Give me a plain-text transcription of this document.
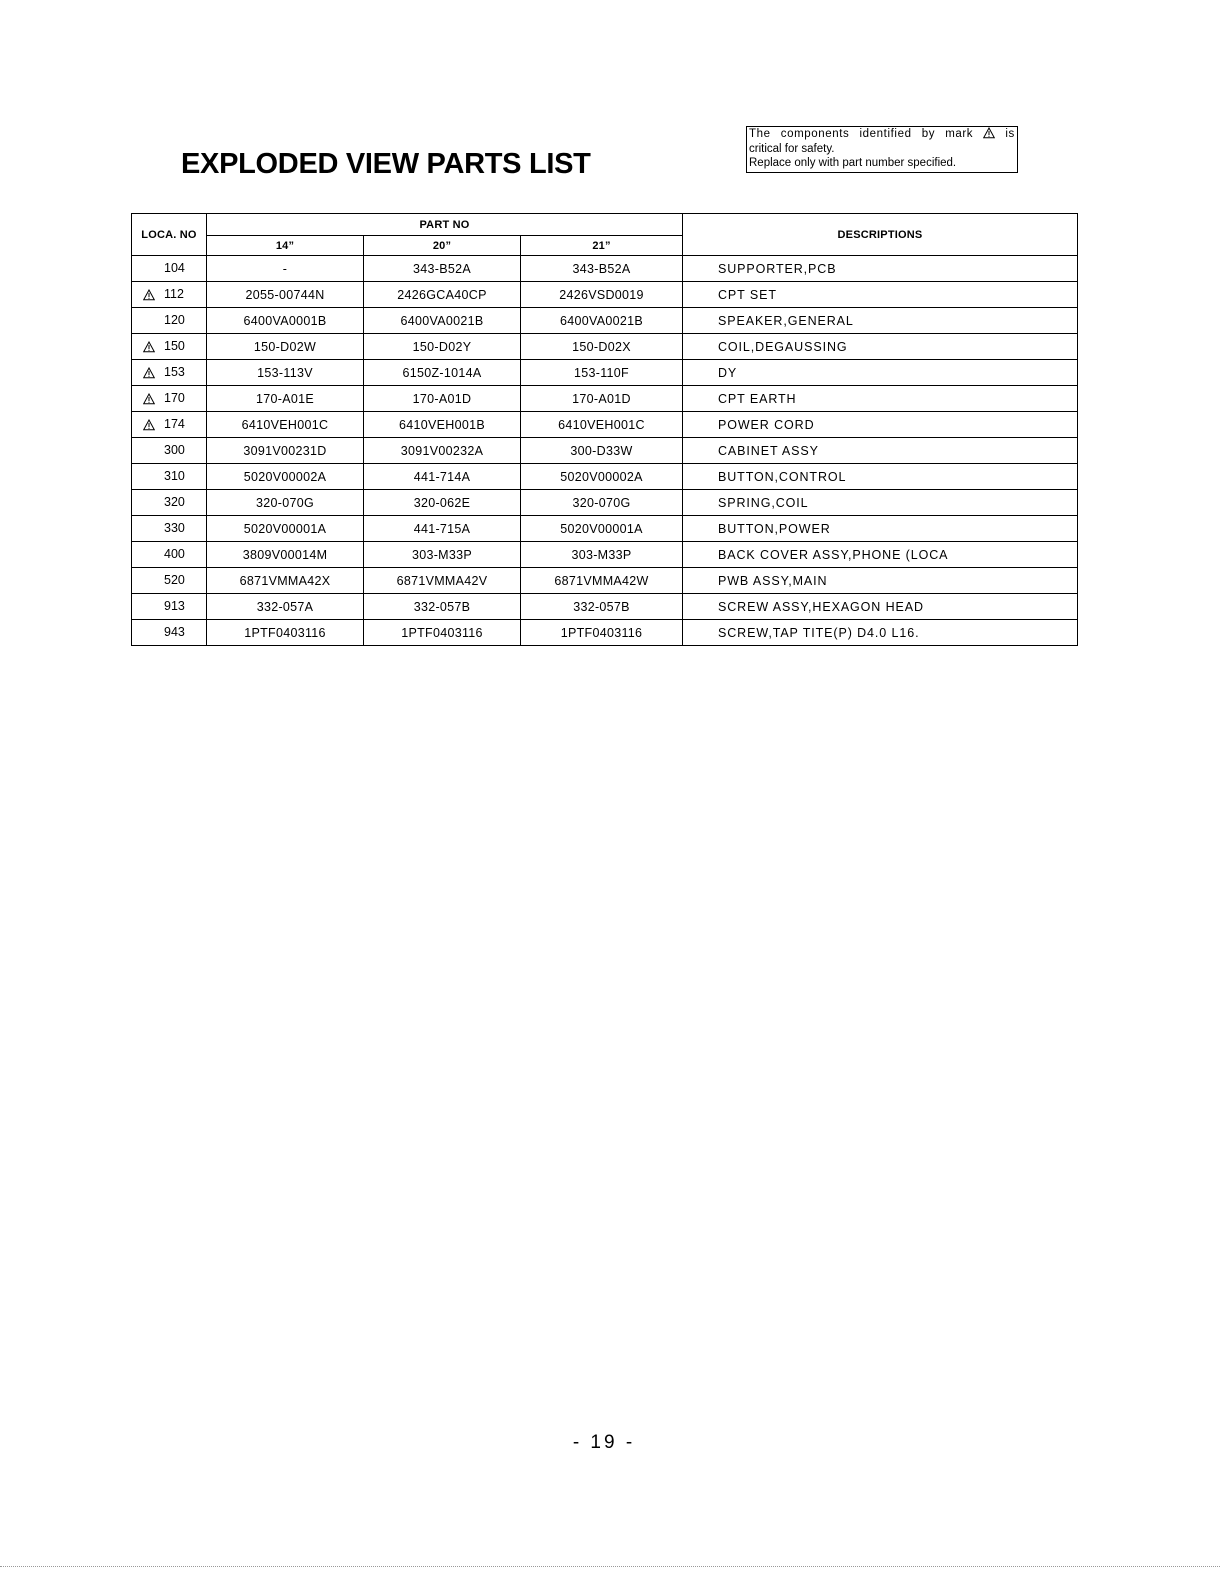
EXPLODED VIEW PARTS LIST
The components identified by mark	is
critical for safety.
Replace only with part number specified.
LOCA. NO	PART NO			DESCRIPTIONS
	14”	20”	21”	

104	-	343-B52A	343-B52A	SUPPORTER,PCB

112	2055-00744N	2426GCA40CP	2426VSD0019	CPT SET

120	6400VA0001B	6400VA0021B	6400VA0021B	SPEAKER,GENERAL

150	150-D02W	150-D02Y	150-D02X	COIL,DEGAUSSING

153	153-113V	6150Z-1014A	153-110F	DY

170	170-A01E	170-A01D	170-A01D	CPT EARTH

174	6410VEH001C	6410VEH001B	6410VEH001C	POWER CORD

300	3091V00231D	3091V00232A	300-D33W	CABINET ASSY

310	5020V00002A	441-714A	5020V00002A	BUTTON,CONTROL

320	320-070G	320-062E	320-070G	SPRING,COIL

330	5020V00001A	441-715A	5020V00001A	BUTTON,POWER

400	3809V00014M	303-M33P	303-M33P	BACK COVER ASSY,PHONE (LOCA

520	6871VMMA42X	6871VMMA42V	6871VMMA42W	PWB ASSY,MAIN

913	332-057A	332-057B	332-057B	SCREW ASSY,HEXAGON HEAD

943	1PTF0403116	1PTF0403116	1PTF0403116	SCREW,TAP TITE(P) D4.0 L16.
- 19 -
